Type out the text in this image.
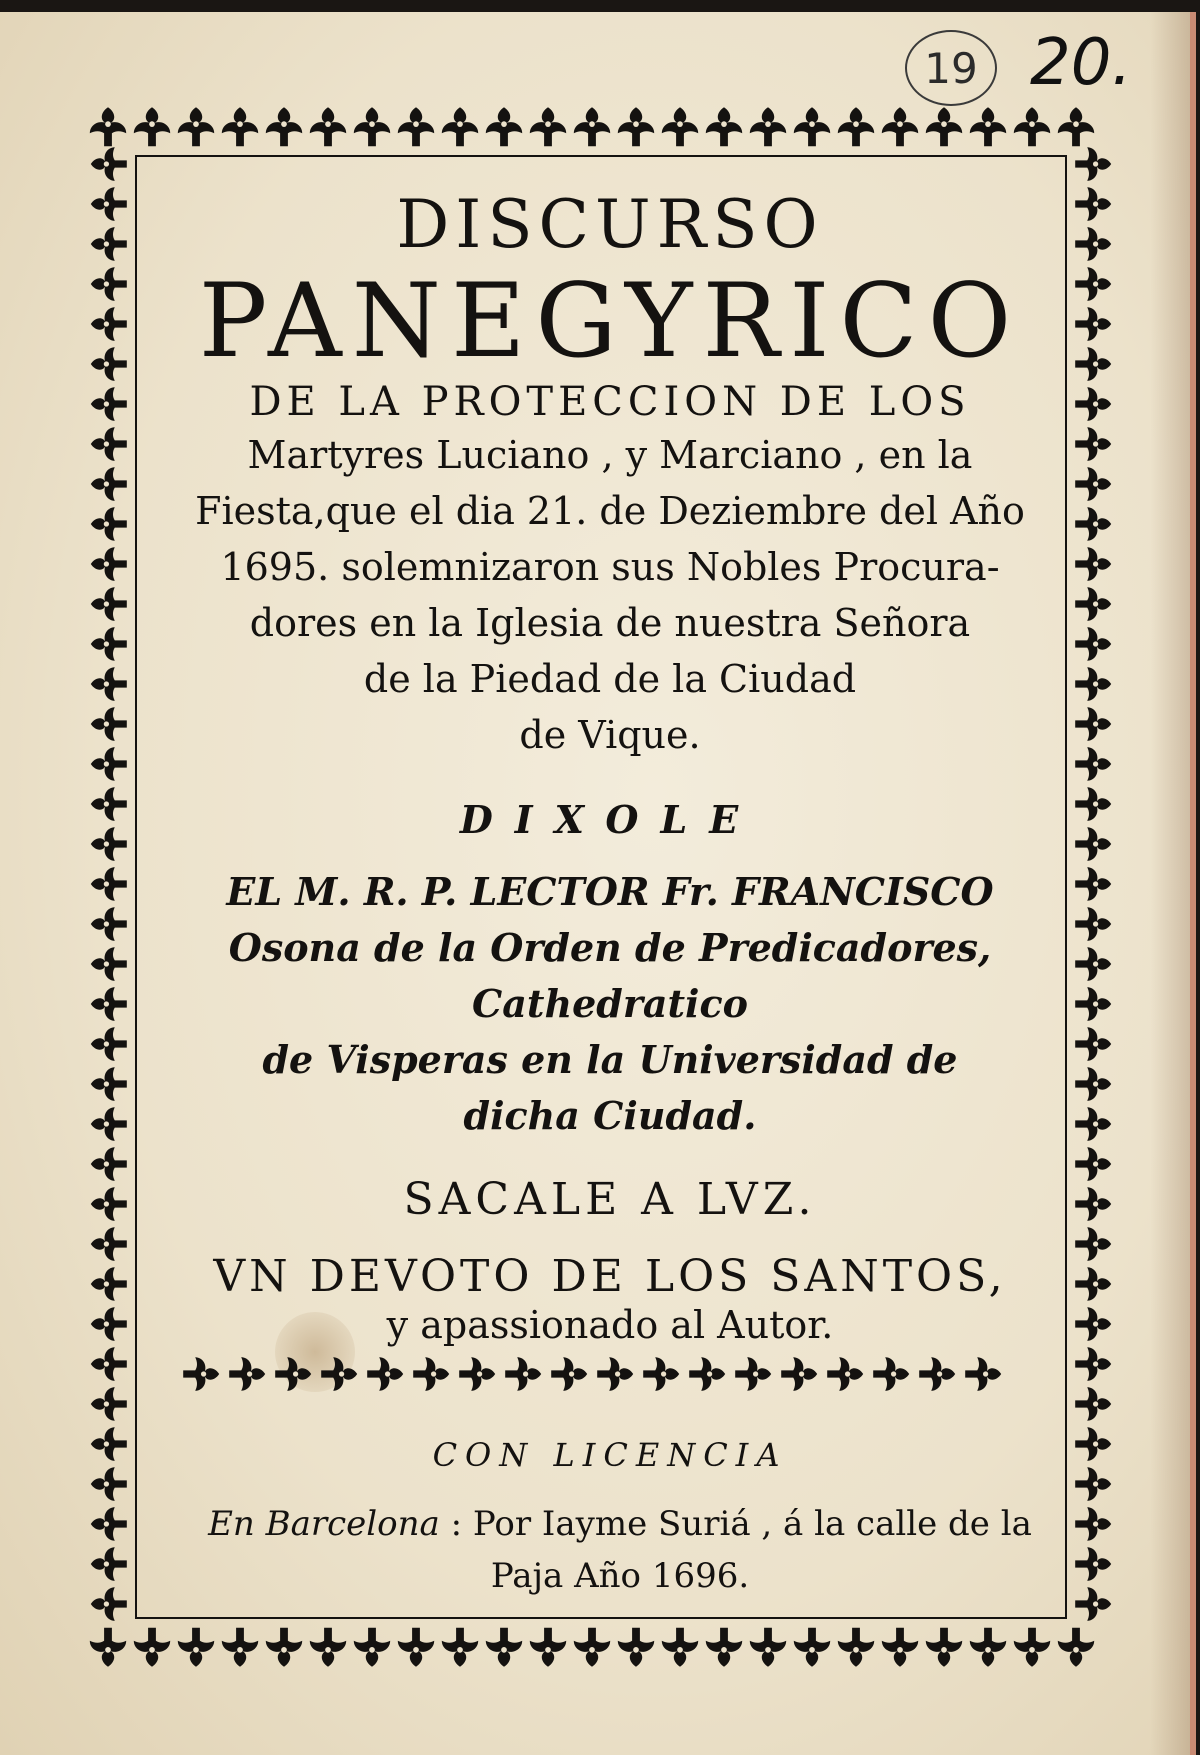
19 20.
DISCURSO
PANEGYRICO
DE LA PROTECCION DE LOS
Martyres Luciano , y Marciano , en la
Fiesta,que el dia 21. de Deziembre del Año
1695. solemnizaron sus Nobles Procura-
dores en la Iglesia de nuestra Señora
de la Piedad de la Ciudad
de Vique.
DIXOLE
EL M. R. P. LECTOR Fr. FRANCISCO
Osona de la Orden de Predicadores, Cathedratico
de Visperas en la Universidad de
dicha Ciudad.
SACALE A LVZ.
VN DEVOTO DE LOS SANTOS,
y apassionado al Autor.
CON LICENCIA
En Barcelona : Por Iayme Suriá , á la calle de la
Paja Año 1696.
